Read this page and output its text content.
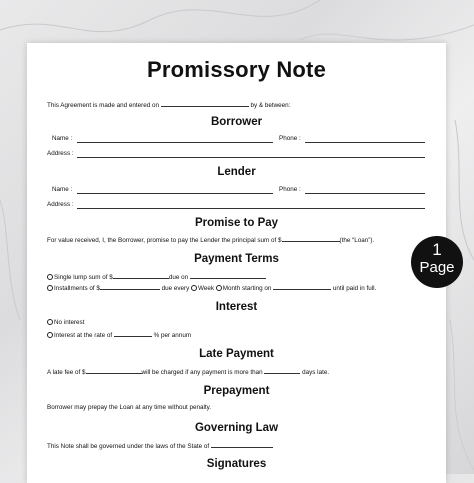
Promissory Note
This Agreement is made and entered on	by & between:
Borrower
Name :	Phone :
Address :
Lender
Name :	Phone :
Address :
Promise to Pay
For value received, I, the Borrower, promise to pay the Lender the principal sum of $	(the “Loan”).
Payment Terms
Single lump sum of $	due on
Installments of $	due every Week Month starting on	until paid in full.
Interest
No interest
Interest at the rate of	% per annum
Late Payment
A late fee of $	will be charged if any payment is more than	days late.
Prepayment
Borrower may prepay the Loan at any time without penalty.
Governing Law
This Note shall be governed under the laws of the State of
Signatures
1
Page
